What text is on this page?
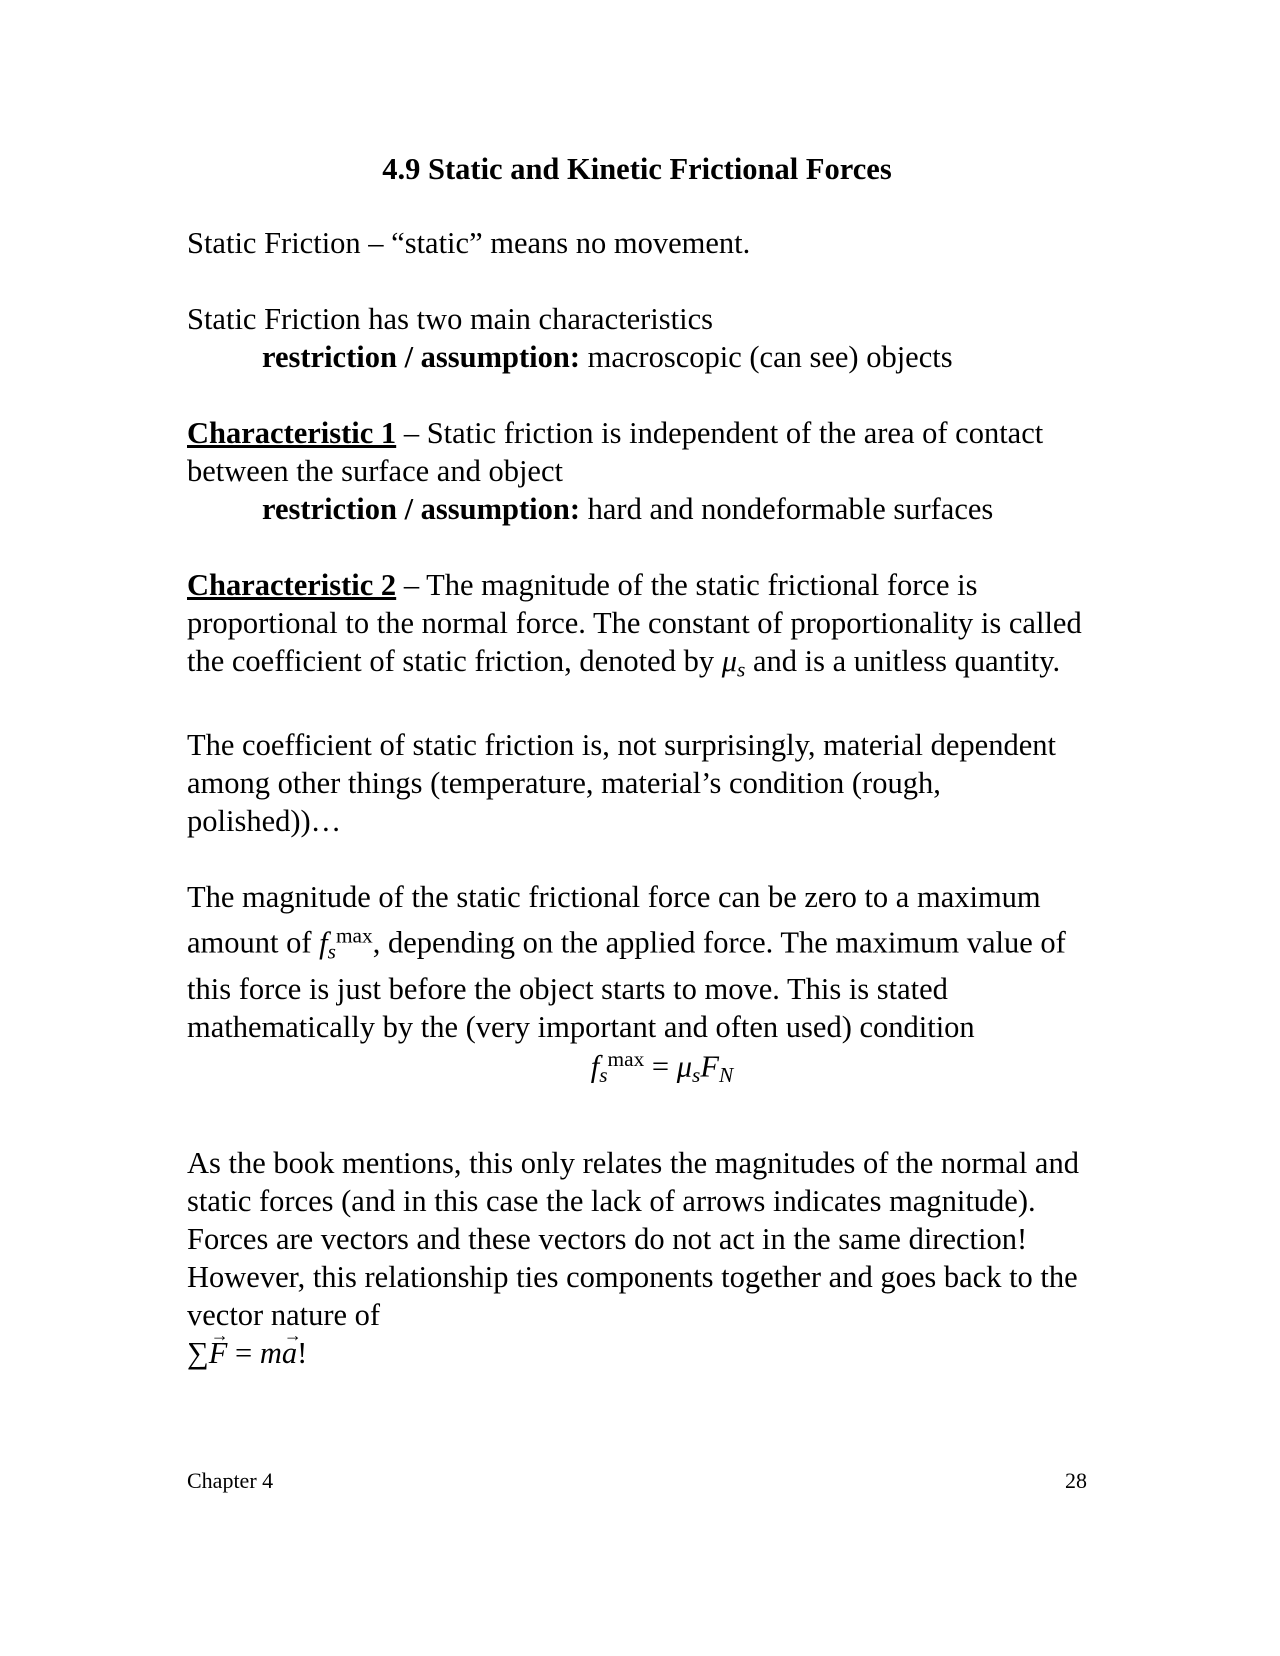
4.9 Static and Kinetic Frictional Forces

Static Friction – “static” means no movement.

Static Friction has two main characteristics
restriction / assumption: macroscopic (can see) objects

Characteristic 1 – Static friction is independent of the area of contact between the surface and object
restriction / assumption: hard and nondeformable surfaces

Characteristic 2 – The magnitude of the static frictional force is proportional to the normal force. The constant of proportionality is called the coefficient of static friction, denoted by $\mu_s$ and is a unitless quantity.

The coefficient of static friction is, not surprisingly, material dependent among other things (temperature, material’s condition (rough, polished))…

The magnitude of the static frictional force can be zero to a maximum amount of $f_s^{max}$, depending on the applied force. The maximum value of this force is just before the object starts to move. This is stated mathematically by the (very important and often used) condition

$f_s^{max} = \mu_sF_N$

As the book mentions, this only relates the magnitudes of the normal and static forces (and in this case the lack of arrows indicates magnitude). Forces are vectors and these vectors do not act in the same direction! However, this relationship ties components together and goes back to the vector nature of
∑→ F = m→ a!

Chapter 4	28
